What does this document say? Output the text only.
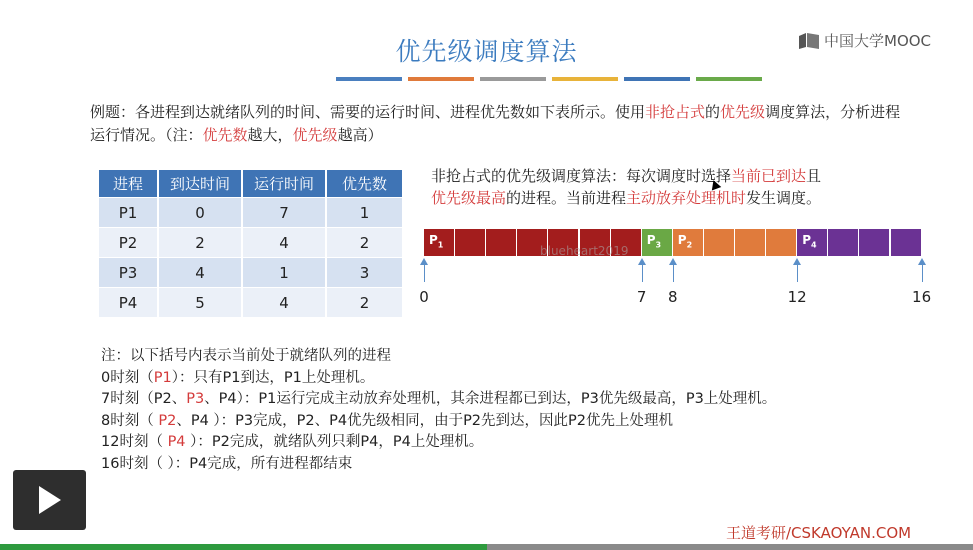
优先级调度算法	中国大学MOOC
例题：各进程到达就绪队列的时间、需要的运行时间、进程优先数如下表所示。使用非抢占式的优先级调度算法，分析进程运行情况。（注：优先数越大，优先级越高）
进程	到达时间	运行时间	优先数
P1	0	7	1
P2	2	4	2
P3	4	1	3
P4	5	4	2
非抢占式的优先级调度算法：每次调度时选择当前已到达且
优先级最高的进程。当前进程主动放弃处理机时发生调度。
$P_1$	$P_3$ $P_2$	$P_4$
0	7	8	12	16
blueheart2019
注：以下括号内表示当前处于就绪队列的进程
0时刻（P1）：只有P1到达，P1上处理机。
7时刻（P2、P3、P4）：P1运行完成主动放弃处理机，其余进程都已到达，P3优先级最高，P3上处理机。
8时刻（ P2、P4 ）：P3完成，P2、P4优先级相同，由于P2先到达，因此P2优先上处理机
12时刻（ P4 ）：P2完成，就绪队列只剩P4，P4上处理机。
16时刻（ ）：P4完成，所有进程都结束
王道考研/CSKAOYAN.COM
